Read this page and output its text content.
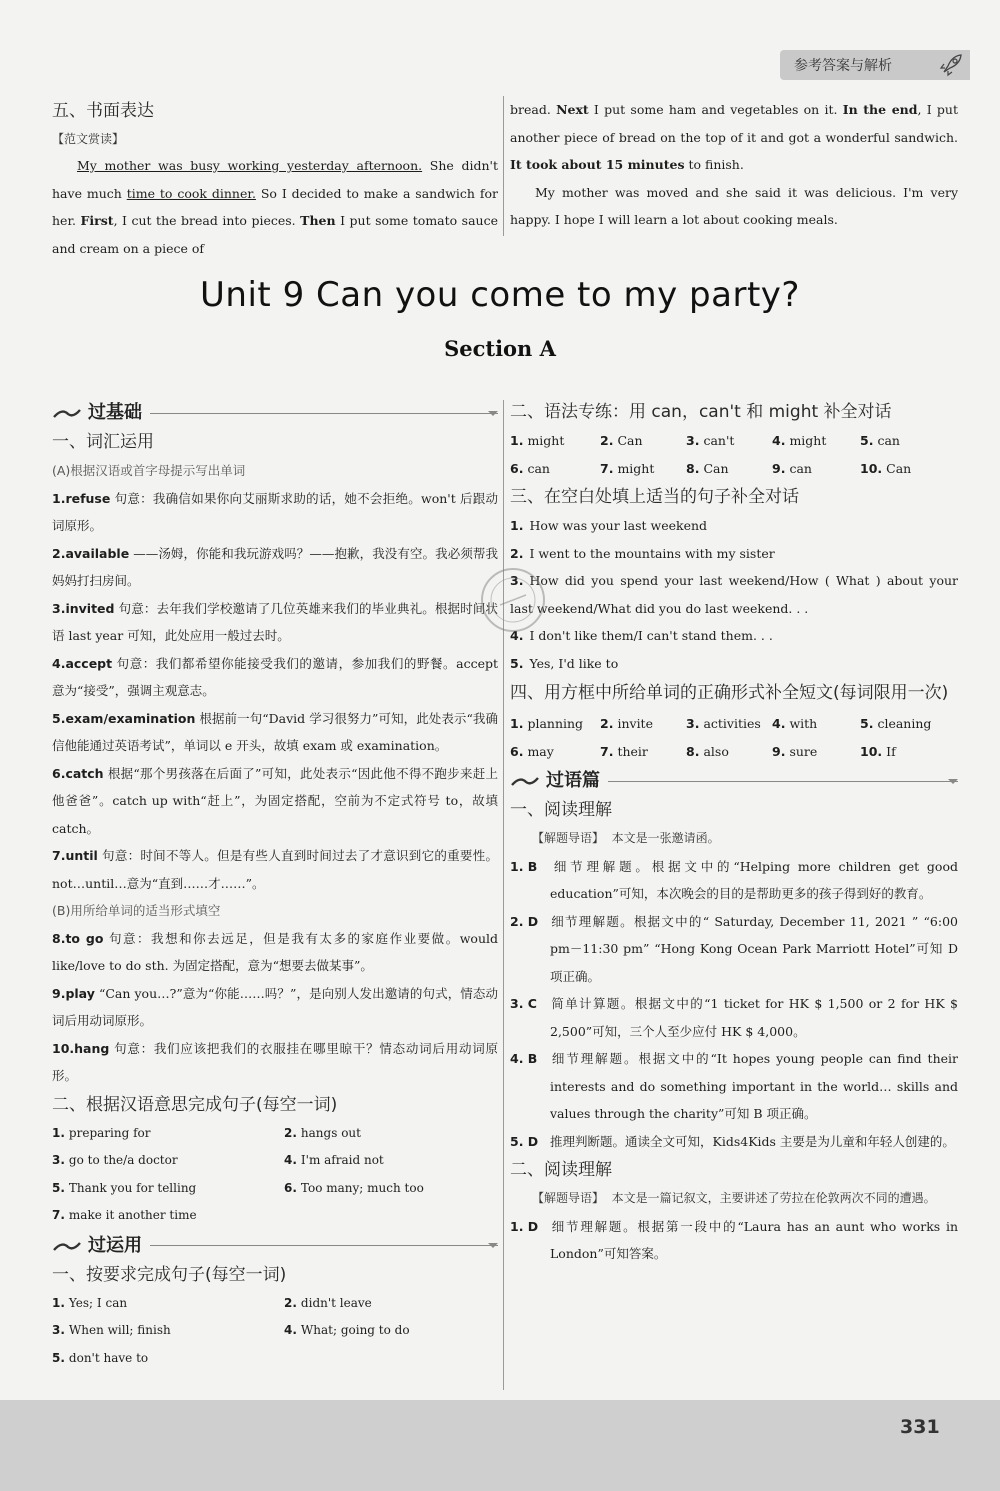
参考答案与解析
五、书面表达
【范文赏读】
My mother was busy working yesterday afternoon. She didn't have much time to cook dinner. So I decided to make a sandwich for her. First, I cut the bread into pieces. Then I put some tomato sauce and cream on a piece of
bread. Next I put some ham and vegetables on it. In the end, I put another piece of bread on the top of it and got a wonderful sandwich. It took about 15 minutes to finish.
My mother was moved and she said it was delicious. I'm very happy. I hope I will learn a lot about cooking meals.
Unit 9 Can you come to my party?
Section A
过基础
一、词汇运用
(A)根据汉语或首字母提示写出单词
1.refuse 句意：我确信如果你向艾丽斯求助的话，她不会拒绝。won't 后跟动词原形。
2.available ——汤姆，你能和我玩游戏吗？——抱歉，我没有空。我必须帮我妈妈打扫房间。
3.invited 句意：去年我们学校邀请了几位英雄来我们的毕业典礼。根据时间状语 last year 可知，此处应用一般过去时。
4.accept 句意：我们都希望你能接受我们的邀请，参加我们的野餐。accept 意为“接受”，强调主观意志。
5.exam/examination 根据前一句“David 学习很努力”可知，此处表示“我确信他能通过英语考试”，单词以 e 开头，故填 exam 或 examination。
6.catch 根据“那个男孩落在后面了”可知，此处表示“因此他不得不跑步来赶上他爸爸”。catch up with“赶上”，为固定搭配，空前为不定式符号 to，故填 catch。
7.until 句意：时间不等人。但是有些人直到时间过去了才意识到它的重要性。not…until…意为“直到……才……”。
(B)用所给单词的适当形式填空
8.to go 句意：我想和你去远足，但是我有太多的家庭作业要做。would like/love to do sth. 为固定搭配，意为“想要去做某事”。
9.play “Can you…?”意为“你能……吗？”，是向别人发出邀请的句式，情态动词后用动词原形。
10.hang 句意：我们应该把我们的衣服挂在哪里晾干？情态动词后用动词原形。
二、根据汉语意思完成句子(每空一词)
1. preparing for	2. hangs out
3. go to the/a doctor	4. I'm afraid not
5. Thank you for telling	6. Too many; much too
7. make it another time
过运用
一、按要求完成句子(每空一词)
1. Yes; I can	2. didn't leave
3. When will; finish	4. What; going to do
5. don't have to
二、语法专练：用 can，can't 和 might 补全对话
1. might	2. Can	3. can't	4. might	5. can
6. can	7. might	8. Can	9. can	10. Can
三、在空白处填上适当的句子补全对话
1. How was your last weekend
2. I went to the mountains with my sister
3. How did you spend your last weekend/How ( What ) about your last weekend/What did you do last weekend. . .
4. I don't like them/I can't stand them. . .
5. Yes, I'd like to
四、用方框中所给单词的正确形式补全短文(每词限用一次)
1. planning	2. invite	3. activities 4. with	5. cleaning
6. may	7. their	8. also	9. sure	10. If
过语篇
一、阅读理解
【解题导语】 本文是一张邀请函。
1. B 细节理解题。根据文中的“Helping more children get good education”可知，本次晚会的目的是帮助更多的孩子得到好的教育。
2. D 细节理解题。根据文中的“ Saturday, December 11, 2021 ” “6:00 pm－11:30 pm” “Hong Kong Ocean Park Marriott Hotel”可知 D 项正确。
3. C 简单计算题。根据文中的“1 ticket for HK $ 1,500 or 2 for HK $ 2,500”可知，三个人至少应付 HK $ 4,000。
4. B 细节理解题。根据文中的“It hopes young people can find their interests and do something important in the world… skills and values through the charity”可知 B 项正确。
5. D 推理判断题。通读全文可知，Kids4Kids 主要是为儿童和年轻人创建的。
二、阅读理解
【解题导语】 本文是一篇记叙文，主要讲述了劳拉在伦敦两次不同的遭遇。
1. D 细节理解题。根据第一段中的“Laura has an aunt who works in London”可知答案。
331
